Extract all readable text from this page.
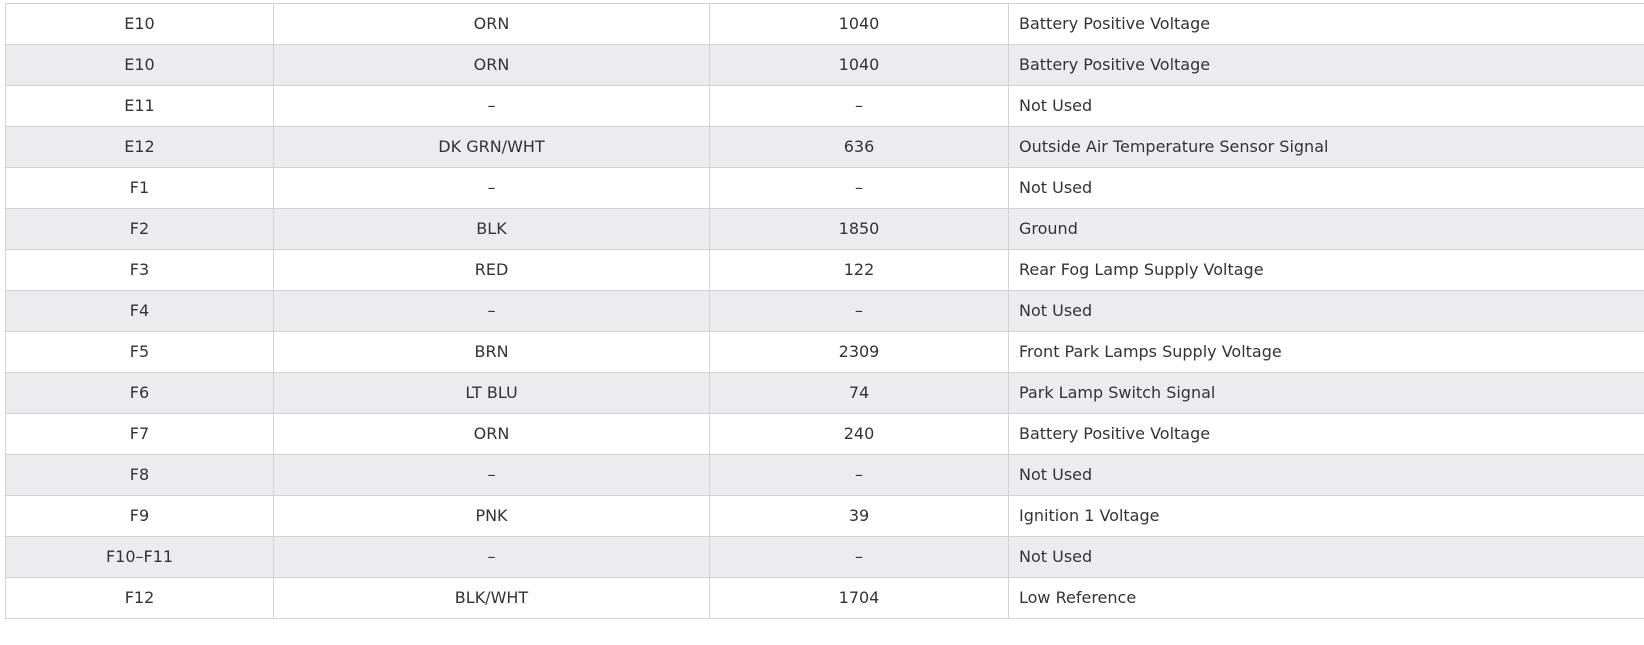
E10	ORN	1040	Battery Positive Voltage
E10	ORN	1040	Battery Positive Voltage
E11	–	–	Not Used
E12	DK GRN/WHT	636	Outside Air Temperature Sensor Signal
F1	–	–	Not Used
F2	BLK	1850	Ground
F3	RED	122	Rear Fog Lamp Supply Voltage
F4	–	–	Not Used
F5	BRN	2309	Front Park Lamps Supply Voltage
F6	LT BLU	74	Park Lamp Switch Signal
F7	ORN	240	Battery Positive Voltage
F8	–	–	Not Used
F9	PNK	39	Ignition 1 Voltage
F10–F11	–	–	Not Used
F12	BLK/WHT	1704	Low Reference
